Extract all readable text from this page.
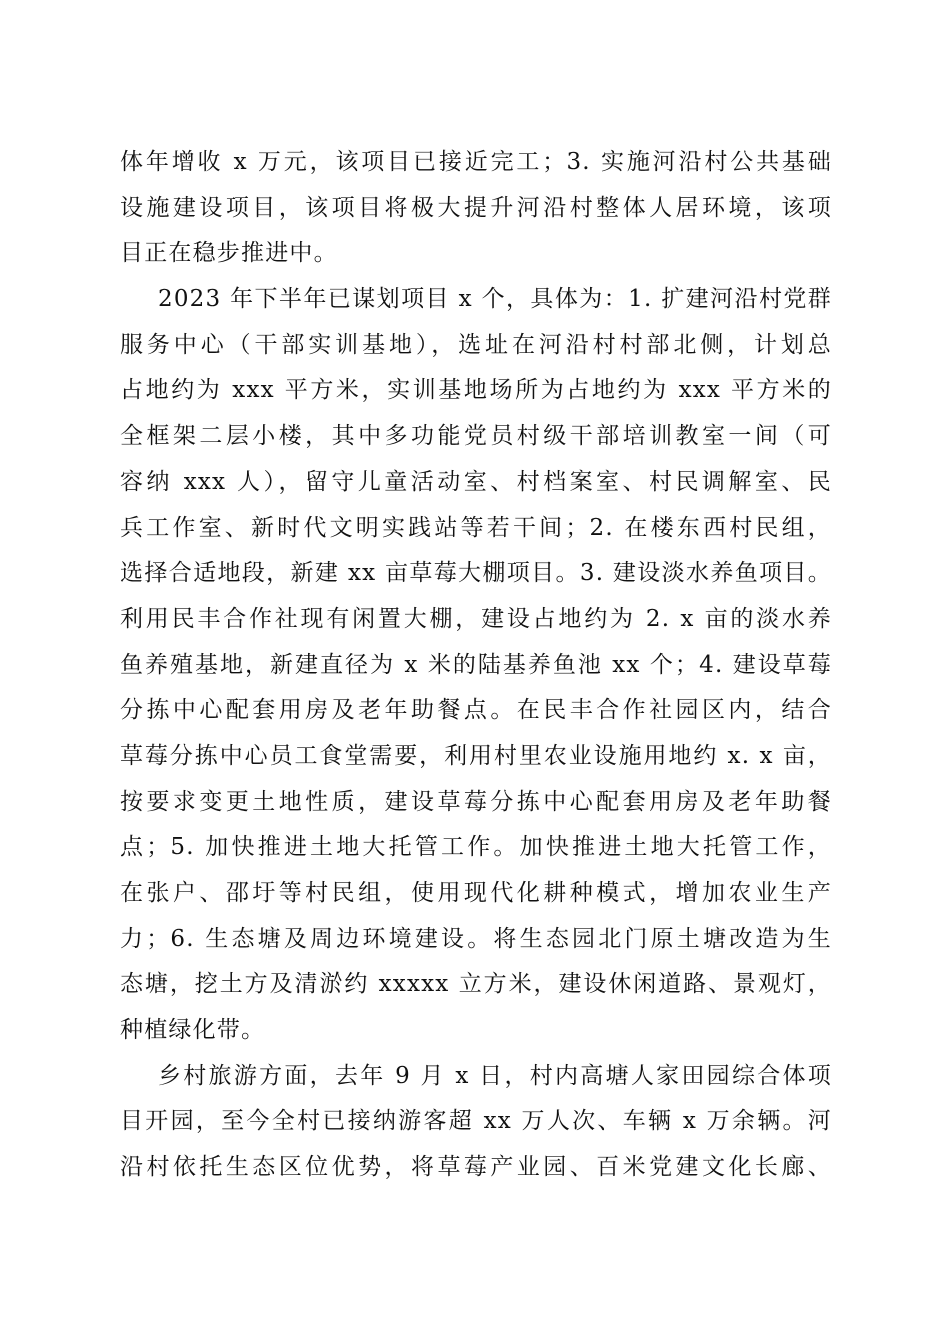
体年增收 x 万元，该项目已接近完工；3. 实施河沿村公共基础
设施建设项目，该项目将极大提升河沿村整体人居环境，该项
目正在稳步推进中。
2023 年下半年已谋划项目 x 个，具体为：1. 扩建河沿村党群
服务中心（干部实训基地），选址在河沿村村部北侧，计划总
占地约为 xxx 平方米，实训基地场所为占地约为 xxx 平方米的
全框架二层小楼，其中多功能党员村级干部培训教室一间（可
容纳 xxx 人），留守儿童活动室、村档案室、村民调解室、民
兵工作室、新时代文明实践站等若干间；2. 在楼东西村民组，
选择合适地段，新建 xx 亩草莓大棚项目。3. 建设淡水养鱼项目。
利用民丰合作社现有闲置大棚，建设占地约为 2. x 亩的淡水养
鱼养殖基地，新建直径为 x 米的陆基养鱼池 xx 个；4. 建设草莓
分拣中心配套用房及老年助餐点。在民丰合作社园区内，结合
草莓分拣中心员工食堂需要，利用村里农业设施用地约 x. x 亩，
按要求变更土地性质，建设草莓分拣中心配套用房及老年助餐
点；5. 加快推进土地大托管工作。加快推进土地大托管工作，
在张户、邵圩等村民组，使用现代化耕种模式，增加农业生产
力；6. 生态塘及周边环境建设。将生态园北门原土塘改造为生
态塘，挖土方及清淤约 xxxxx 立方米，建设休闲道路、景观灯，
种植绿化带。
乡村旅游方面，去年 9 月 x 日，村内高塘人家田园综合体项
目开园，至今全村已接纳游客超 xx 万人次、车辆 x 万余辆。河
沿村依托生态区位优势，将草莓产业园、百米党建文化长廊、
